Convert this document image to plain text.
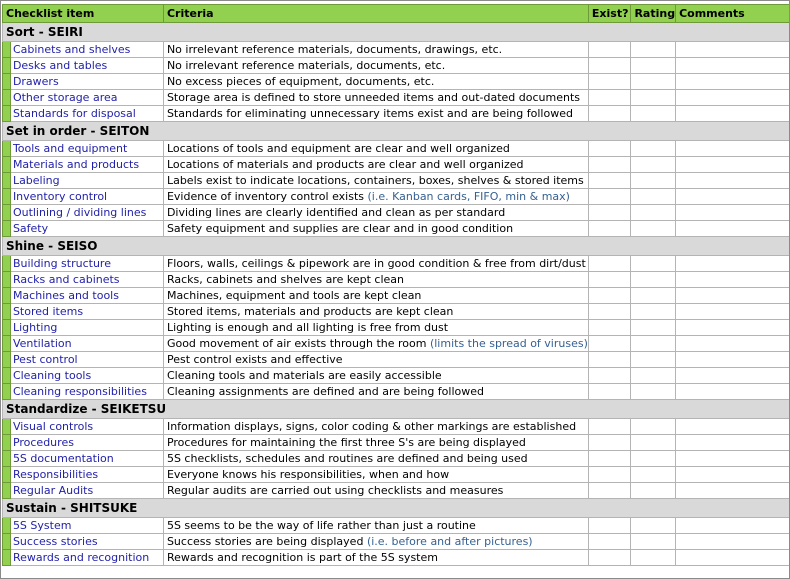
Checklist item		Criteria	Exist?	Rating	Comments
Sort - SEIRI					
	Cabinets and shelves	No irrelevant reference materials, documents, drawings, etc.			
	Desks and tables	No irrelevant reference materials, documents, etc.			
	Drawers	No excess pieces of equipment, documents, etc.			
	Other storage area	Storage area is defined to store unneeded items and out-dated documents			
	Standards for disposal	Standards for eliminating unnecessary items exist and are being followed			
Set in order - SEITON					
	Tools and equipment	Locations of tools and equipment are clear and well organized			
	Materials and products	Locations of materials and products are clear and well organized			
	Labeling	Labels exist to indicate locations, containers, boxes, shelves & stored items			
	Inventory control	Evidence of inventory control exists (i.e. Kanban cards, FIFO, min & max)			
	Outlining / dividing lines	Dividing lines are clearly identified and clean as per standard			
	Safety	Safety equipment and supplies are clear and in good condition			
Shine - SEISO					
	Building structure	Floors, walls, ceilings & pipework are in good condition & free from dirt/dust			
	Racks and cabinets	Racks, cabinets and shelves are kept clean			
	Machines and tools	Machines, equipment and tools are kept clean			
	Stored items	Stored items, materials and products are kept clean			
	Lighting	Lighting is enough and all lighting is free from dust			
	Ventilation	Good movement of air exists through the room (limits the spread of viruses)			
	Pest control	Pest control exists and effective			
	Cleaning tools	Cleaning tools and materials are easily accessible			
	Cleaning responsibilities	Cleaning assignments are defined and are being followed			
Standardize - SEIKETSU					
	Visual controls	Information displays, signs, color coding & other markings are established			
	Procedures	Procedures for maintaining the first three S's are being displayed			
	5S documentation	5S checklists, schedules and routines are defined and being used			
	Responsibilities	Everyone knows his responsibilities, when and how			
	Regular Audits	Regular audits are carried out using checklists and measures			
Sustain - SHITSUKE					
	5S System	5S seems to be the way of life rather than just a routine			
	Success stories	Success stories are being displayed (i.e. before and after pictures)			
	Rewards and recognition	Rewards and recognition is part of the 5S system			
